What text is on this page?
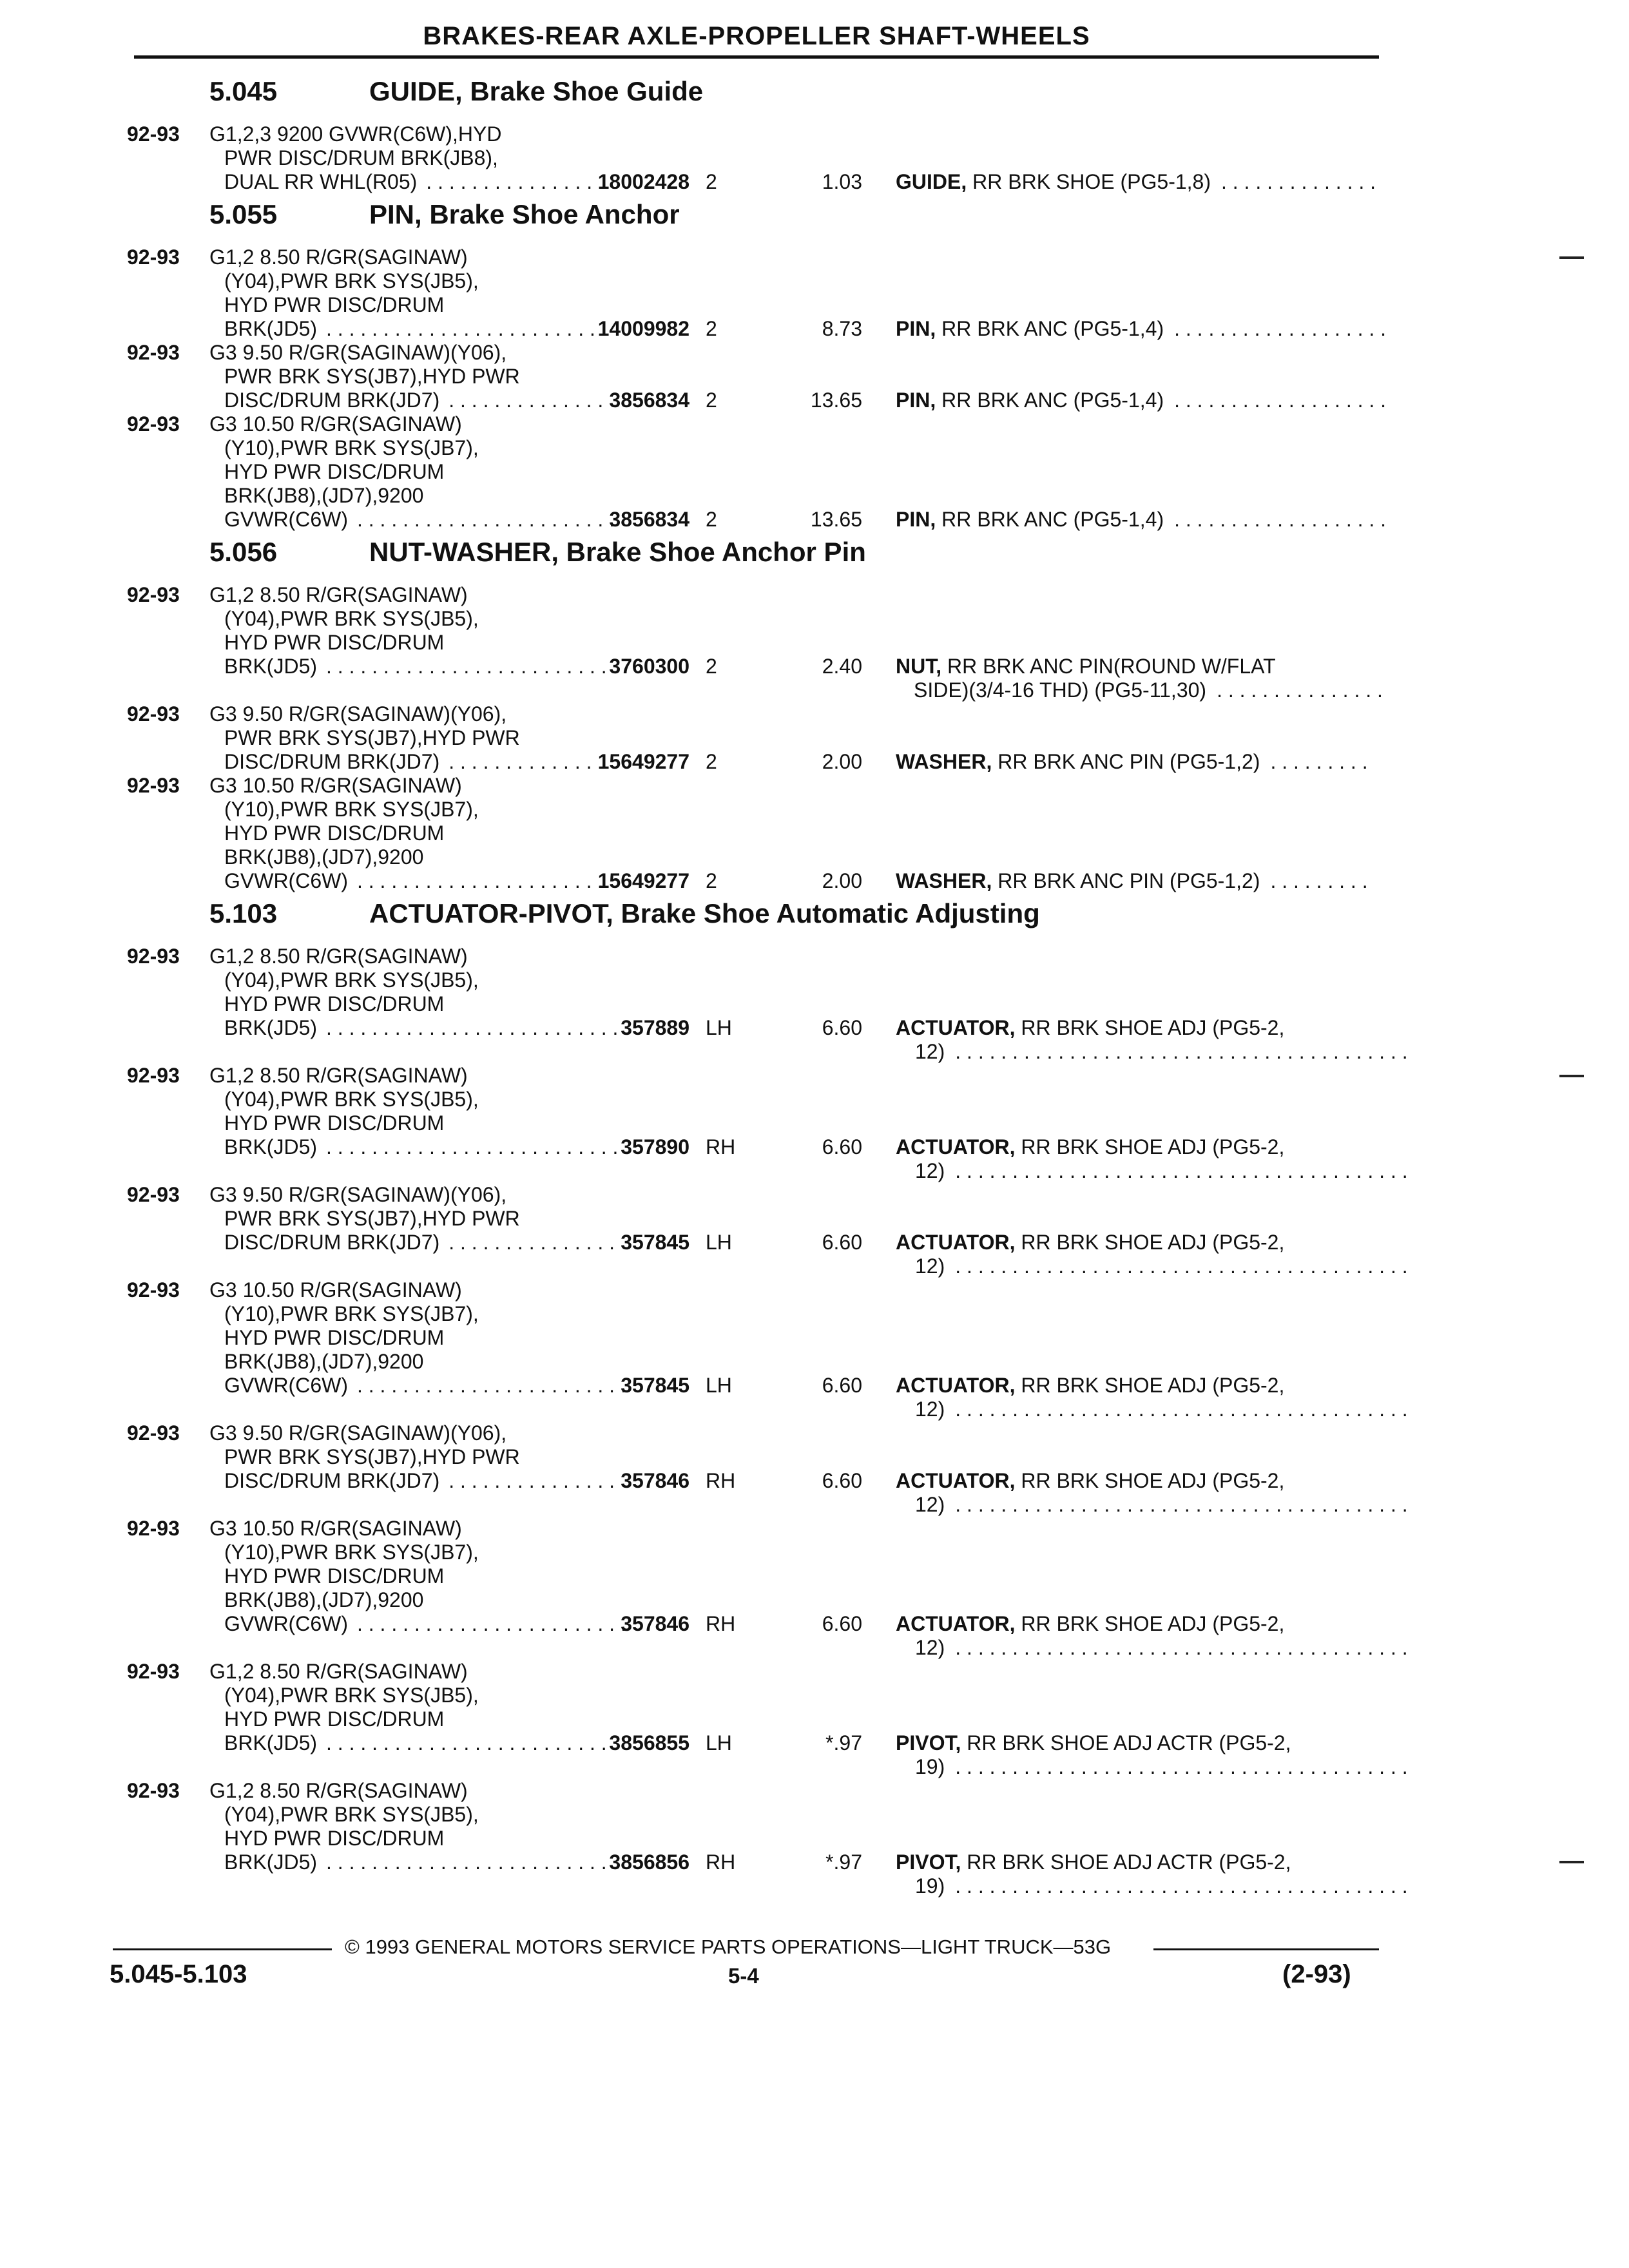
BRAKES-REAR AXLE-PROPELLER SHAFT-WHEELS
5.045	GUIDE, Brake Shoe Guide
92-93 G1,2,3 9200 GVWR(C6W),HYD
PWR DISC/DRUM BRK(JB8),
DUAL RR WHL(R05) . . . . . . . . . . . . . . . 18002428 2	1.03 GUIDE, RR BRK SHOE (PG5-1,8) . . . . . . . . . . . . . .
5.055	PIN, Brake Shoe Anchor
92-93 G1,2 8.50 R/GR(SAGINAW)
(Y04),PWR BRK SYS(JB5),
HYD PWR DISC/DRUM
BRK(JD5) . . . . . . . . . . . . . . . . . . . . . . . . .
14009982 2	8.73 PIN, RR BRK ANC (PG5-1,4) . . . . . . . . . . . . . . . . . . .
92-93 G3 9.50 R/GR(SAGINAW)(Y06),
PWR BRK SYS(JB7),HYD PWR
DISC/DRUM BRK(JD7) . . . . . . . . . . . . . . 3856834 2	13.65 PIN, RR BRK ANC (PG5-1,4) . . . . . . . . . . . . . . . . . . .
92-93 G3 10.50 R/GR(SAGINAW)
(Y10),PWR BRK SYS(JB7),
HYD PWR DISC/DRUM
BRK(JB8),(JD7),9200
GVWR(C6W) . . . . . . . . . . . . . . . . . . . . . . .
3856834 2	13.65 PIN, RR BRK ANC (PG5-1,4) . . . . . . . . . . . . . . . . . . .
5.056	NUT-WASHER, Brake Shoe Anchor Pin
92-93 G1,2 8.50 R/GR(SAGINAW)
(Y04),PWR BRK SYS(JB5),
HYD PWR DISC/DRUM
BRK(JD5) . . . . . . . . . . . . . . . . . . . . . . . . . .
3760300 2	2.40 NUT, RR BRK ANC PIN(ROUND W/FLAT
SIDE)(3/4-16 THD) (PG5-11,30) . . . . . . . . . . . . . . .
92-93 G3 9.50 R/GR(SAGINAW)(Y06),
PWR BRK SYS(JB7),HYD PWR
DISC/DRUM BRK(JD7) . . . . . . . . . . . . . 15649277 2	2.00 WASHER, RR BRK ANC PIN (PG5-1,2) . . . . . . . . .
92-93 G3 10.50 R/GR(SAGINAW)
(Y10),PWR BRK SYS(JB7),
HYD PWR DISC/DRUM
BRK(JB8),(JD7),9200
GVWR(C6W) . . . . . . . . . . . . . . . . . . . . . .
15649277 2	2.00 WASHER, RR BRK ANC PIN (PG5-1,2) . . . . . . . . .
5.103	ACTUATOR-PIVOT, Brake Shoe Automatic Adjusting
92-93 G1,2 8.50 R/GR(SAGINAW)
(Y04),PWR BRK SYS(JB5),
HYD PWR DISC/DRUM
BRK(JD5) . . . . . . . . . . . . . . . . . . . . . . . . . . .
357889 LH	6.60 ACTUATOR, RR BRK SHOE ADJ (PG5-2,
12) . . . . . . . . . . . . . . . . . . . . . . . . . . . . . . . . . . . . . . . .
92-93 G1,2 8.50 R/GR(SAGINAW)
(Y04),PWR BRK SYS(JB5),
HYD PWR DISC/DRUM
BRK(JD5) . . . . . . . . . . . . . . . . . . . . . . . . . . .
357890 RH	6.60 ACTUATOR, RR BRK SHOE ADJ (PG5-2,
12) . . . . . . . . . . . . . . . . . . . . . . . . . . . . . . . . . . . . . . . .
92-93 G3 9.50 R/GR(SAGINAW)(Y06),
PWR BRK SYS(JB7),HYD PWR
DISC/DRUM BRK(JD7) . . . . . . . . . . . . . . . 357845 LH	6.60 ACTUATOR, RR BRK SHOE ADJ (PG5-2,
12) . . . . . . . . . . . . . . . . . . . . . . . . . . . . . . . . . . . . . . . .
92-93 G3 10.50 R/GR(SAGINAW)
(Y10),PWR BRK SYS(JB7),
HYD PWR DISC/DRUM
BRK(JB8),(JD7),9200
GVWR(C6W) . . . . . . . . . . . . . . . . . . . . . . . .
357845 LH	6.60 ACTUATOR, RR BRK SHOE ADJ (PG5-2,
12) . . . . . . . . . . . . . . . . . . . . . . . . . . . . . . . . . . . . . . . .
92-93 G3 9.50 R/GR(SAGINAW)(Y06),
PWR BRK SYS(JB7),HYD PWR
DISC/DRUM BRK(JD7) . . . . . . . . . . . . . . . 357846 RH	6.60 ACTUATOR, RR BRK SHOE ADJ (PG5-2,
12) . . . . . . . . . . . . . . . . . . . . . . . . . . . . . . . . . . . . . . . .
92-93 G3 10.50 R/GR(SAGINAW)
(Y10),PWR BRK SYS(JB7),
HYD PWR DISC/DRUM
BRK(JB8),(JD7),9200
GVWR(C6W) . . . . . . . . . . . . . . . . . . . . . . . .
357846 RH	6.60 ACTUATOR, RR BRK SHOE ADJ (PG5-2,
12) . . . . . . . . . . . . . . . . . . . . . . . . . . . . . . . . . . . . . . . .
92-93 G1,2 8.50 R/GR(SAGINAW)
(Y04),PWR BRK SYS(JB5),
HYD PWR DISC/DRUM
BRK(JD5) . . . . . . . . . . . . . . . . . . . . . . . . . .
3856855 LH	*.97 PIVOT, RR BRK SHOE ADJ ACTR (PG5-2,
19) . . . . . . . . . . . . . . . . . . . . . . . . . . . . . . . . . . . . . . . .
92-93 G1,2 8.50 R/GR(SAGINAW)
(Y04),PWR BRK SYS(JB5),
HYD PWR DISC/DRUM
BRK(JD5) . . . . . . . . . . . . . . . . . . . . . . . . . .
3856856 RH	*.97 PIVOT, RR BRK SHOE ADJ ACTR (PG5-2,
19) . . . . . . . . . . . . . . . . . . . . . . . . . . . . . . . . . . . . . . . .
© 1993 GENERAL MOTORS SERVICE PARTS OPERATIONS—LIGHT TRUCK—53G
5.045-5.103	5-4	(2-93)
